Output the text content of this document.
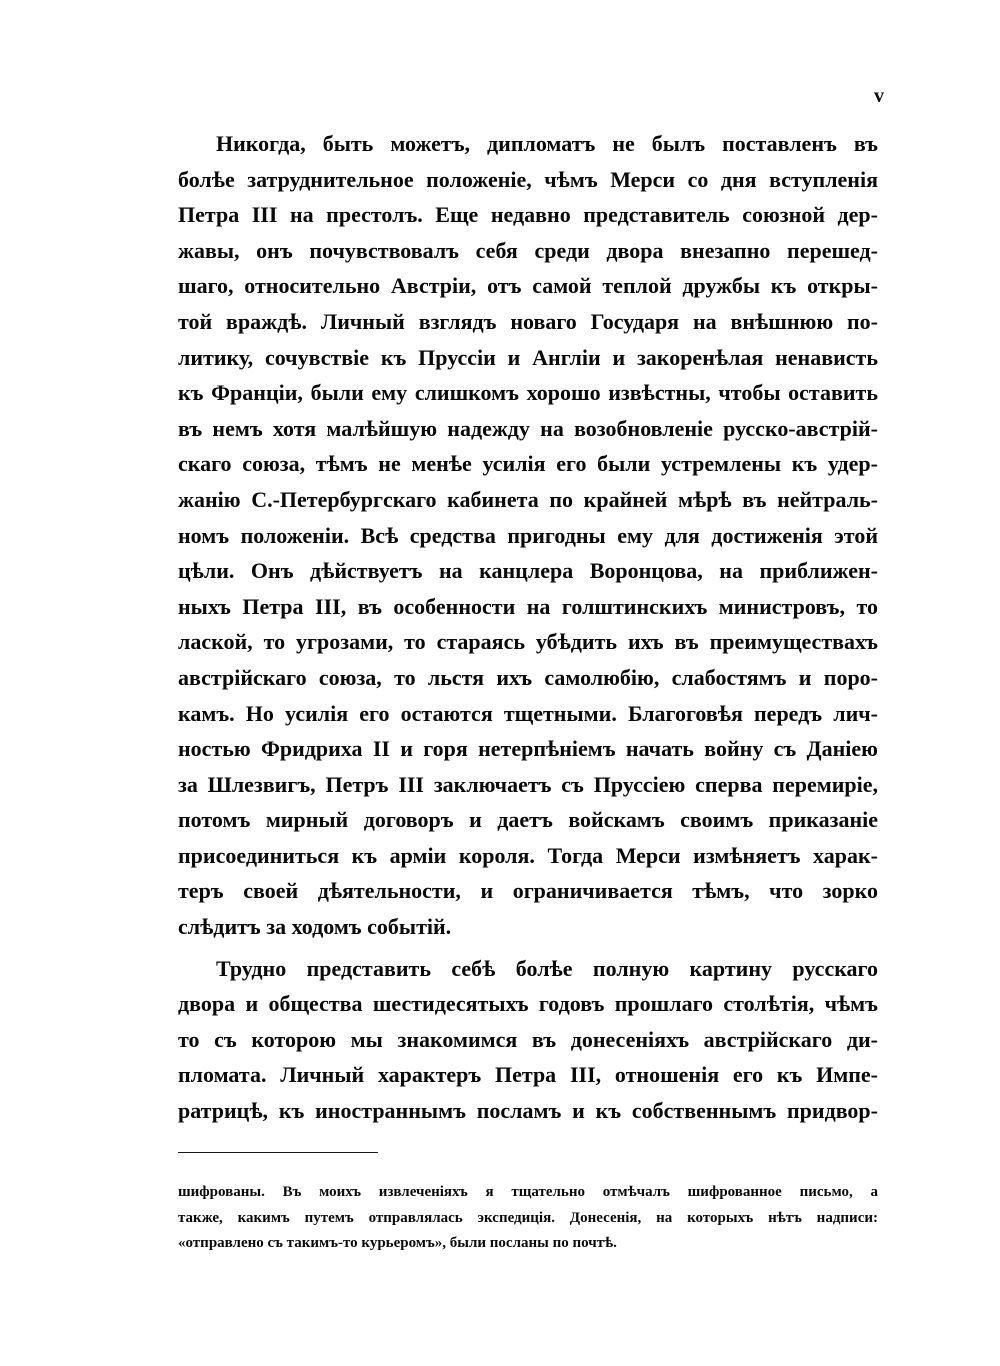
v
Никогда, быть можетъ, дипломатъ не былъ поставленъ въ
болѣе затруднительное положенiе, чѣмъ Мерси со дня вступленiя
Петра III на престолъ. Еще недавно представитель союзной дер-
жавы, онъ почувствовалъ себя среди двора внезапно перешед-
шаго, относительно Австрiи, отъ самой теплой дружбы къ откры-
той враждѣ. Личный взглядъ новаго Государя на внѣшнюю по-
литику, сочувствiе къ Пруссiи и Англiи и закоренѣлая ненависть
къ Францiи, были ему слишкомъ хорошо извѣстны, чтобы оставить
въ немъ хотя малѣйшую надежду на возобновленiе русско-австрiй-
скаго союза, тѣмъ не менѣе усилiя его были устремлены къ удер-
жанiю С.-Петербургскаго кабинета по крайней мѣрѣ въ нейтраль-
номъ положенiи. Всѣ средства пригодны ему для достиженiя этой
цѣли. Онъ дѣйствуетъ на канцлера Воронцова, на приближен-
ныхъ Петра III, въ особенности на голштинскихъ министровъ, то
лаской, то угрозами, то стараясь убѣдить ихъ въ преимуществахъ
австрiйскаго союза, то льстя ихъ самолюбiю, слабостямъ и поро-
камъ. Но усилiя его остаются тщетными. Благоговѣя передъ лич-
ностью Фридриха II и горя нетерпѣнiемъ начать войну съ Данiею
за Шлезвигъ, Петръ III заключаетъ съ Пруссiею сперва перемирiе,
потомъ мирный договоръ и даетъ войскамъ своимъ приказанiе
присоединиться къ армiи короля. Тогда Мерси измѣняетъ харак-
теръ своей дѣятельности, и ограничивается тѣмъ, что зорко
слѣдитъ за ходомъ событiй.
Трудно представить себѣ болѣе полную картину русскаго
двора и общества шестидесятыхъ годовъ прошлаго столѣтiя, чѣмъ
то съ которою мы знакомимся въ донесенiяхъ австрiйскаго ди-
пломата. Личный характеръ Петра III, отношенiя его къ Импе-
ратрицѣ, къ иностраннымъ посламъ и къ собственнымъ придвор-
шифрованы. Въ моихъ извлеченiяхъ я тщательно отмѣчалъ шифрованное письмо, а
также, какимъ путемъ отправлялась экспедицiя. Донесенiя, на которыхъ нѣтъ надписи:
«отправлено съ такимъ-то курьеромъ», были посланы по почтѣ.
